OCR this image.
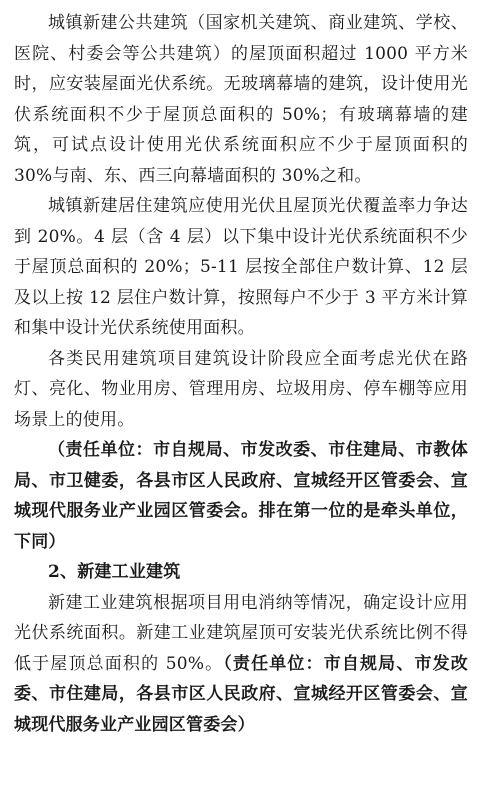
城镇新建公共建筑（国家机关建筑、商业建筑、学校、医院、村委会等公共建筑）的屋顶面积超过 1000 平方米时，应安装屋面光伏系统。无玻璃幕墙的建筑，设计使用光伏系统面积不少于屋顶总面积的 50%；有玻璃幕墙的建筑，可试点设计使用光伏系统面积应不少于屋顶面积的 30%与南、东、西三向幕墙面积的 30%之和。

城镇新建居住建筑应使用光伏且屋顶光伏覆盖率力争达到 20%。4 层（含 4 层）以下集中设计光伏系统面积不少于屋顶总面积的 20%；5-11 层按全部住户数计算、12 层及以上按 12 层住户数计算，按照每户不少于 3 平方米计算和集中设计光伏系统使用面积。

各类民用建筑项目建筑设计阶段应全面考虑光伏在路灯、亮化、物业用房、管理用房、垃圾用房、停车棚等应用场景上的使用。

（责任单位：市自规局、市发改委、市住建局、市教体局、市卫健委，各县市区人民政府、宣城经开区管委会、宣城现代服务业产业园区管委会。排在第一位的是牵头单位，下同）

2、新建工业建筑

新建工业建筑根据项目用电消纳等情况，确定设计应用光伏系统面积。新建工业建筑屋顶可安装光伏系统比例不得低于屋顶总面积的 50%。（责任单位：市自规局、市发改委、市住建局，各县市区人民政府、宣城经开区管委会、宣城现代服务业产业园区管委会）
